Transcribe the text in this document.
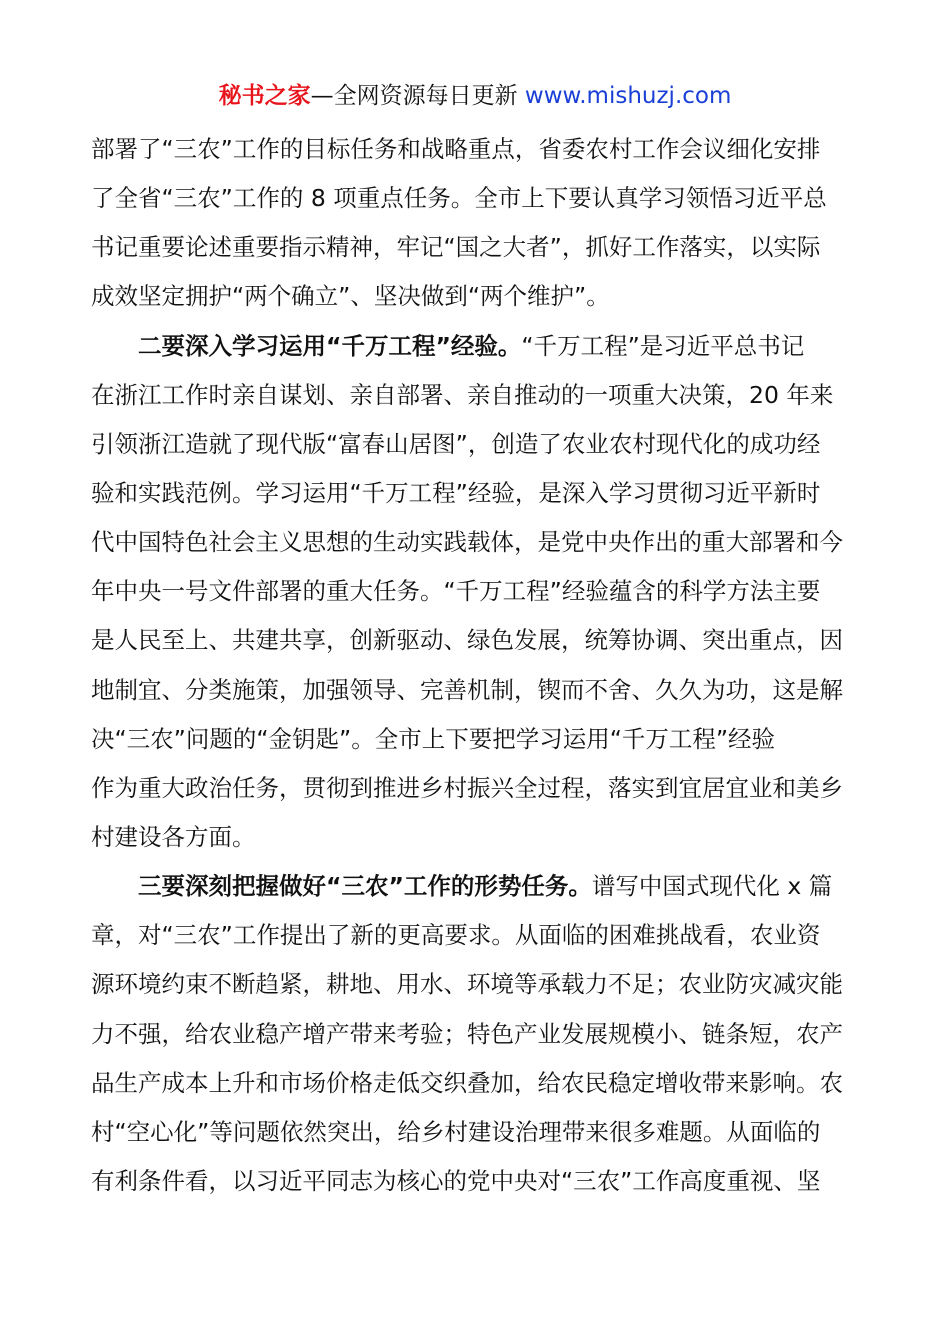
秘书之家—全网资源每日更新 www.mishuzj.com
部署了“三农”工作的目标任务和战略重点，省委农村工作会议细化安排
了全省“三农”工作的 8 项重点任务。全市上下要认真学习领悟习近平总
书记重要论述重要指示精神，牢记“国之大者”，抓好工作落实，以实际
成效坚定拥护“两个确立”、坚决做到“两个维护”。
二要深入学习运用“千万工程”经验。“千万工程”是习近平总书记
在浙江工作时亲自谋划、亲自部署、亲自推动的一项重大决策，20 年来
引领浙江造就了现代版“富春山居图”，创造了农业农村现代化的成功经
验和实践范例。学习运用“千万工程”经验，是深入学习贯彻习近平新时
代中国特色社会主义思想的生动实践载体，是党中央作出的重大部署和今
年中央一号文件部署的重大任务。“千万工程”经验蕴含的科学方法主要
是人民至上、共建共享，创新驱动、绿色发展，统筹协调、突出重点，因
地制宜、分类施策，加强领导、完善机制，锲而不舍、久久为功，这是解
决“三农”问题的“金钥匙”。全市上下要把学习运用“千万工程”经验
作为重大政治任务，贯彻到推进乡村振兴全过程，落实到宜居宜业和美乡
村建设各方面。
三要深刻把握做好“三农”工作的形势任务。谱写中国式现代化 x 篇
章，对“三农”工作提出了新的更高要求。从面临的困难挑战看，农业资
源环境约束不断趋紧，耕地、用水、环境等承载力不足；农业防灾减灾能
力不强，给农业稳产增产带来考验；特色产业发展规模小、链条短，农产
品生产成本上升和市场价格走低交织叠加，给农民稳定增收带来影响。农
村“空心化”等问题依然突出，给乡村建设治理带来很多难题。从面临的
有利条件看，以习近平同志为核心的党中央对“三农”工作高度重视、坚
